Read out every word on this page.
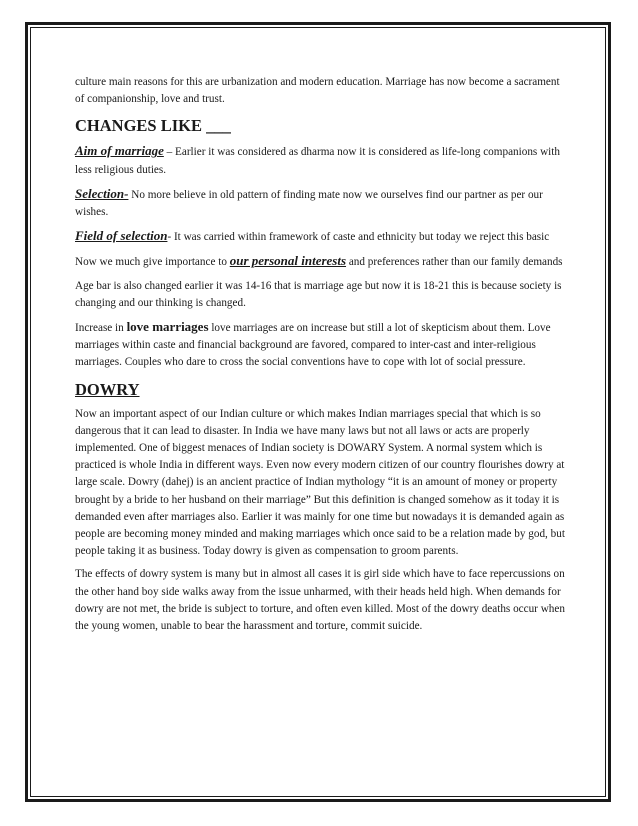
culture main reasons for this are urbanization and modern education. Marriage has now become a sacrament of companionship, love and trust.

CHANGES LIKE ___

Aim of marriage – Earlier it was considered as dharma now it is considered as life-long companions with less religious duties.

Selection- No more believe in old pattern of finding mate now we ourselves find our partner as per our wishes.

Field of selection- It was carried within framework of caste and ethnicity but today we reject this basic

Now we much give importance to our personal interests and preferences rather than our family demands

Age bar is also changed earlier it was 14-16 that is marriage age but now it is 18-21 this is because society is changing and our thinking is changed.

Increase in love marriages love marriages are on increase but still a lot of skepticism about them. Love marriages within caste and financial background are favored, compared to inter-cast and inter-religious marriages. Couples who dare to cross the social conventions have to cope with lot of social pressure.

DOWRY

Now an important aspect of our Indian culture or which makes Indian marriages special that which is so dangerous that it can lead to disaster. In India we have many laws but not all laws or acts are properly implemented. One of biggest menaces of Indian society is DOWARY System. A normal system which is practiced is whole India in different ways. Even now every modern citizen of our country flourishes dowry at large scale. Dowry (dahej) is an ancient practice of Indian mythology “it is an amount of money or property brought by a bride to her husband on their marriage” But this definition is changed somehow as it today it is demanded even after marriages also. Earlier it was mainly for one time but nowadays it is demanded again as people are becoming money minded and making marriages which once said to be a relation made by god, but people taking it as business. Today dowry is given as compensation to groom parents.

The effects of dowry system is many but in almost all cases it is girl side which have to face repercussions on the other hand boy side walks away from the issue unharmed, with their heads held high. When demands for dowry are not met, the bride is subject to torture, and often even killed. Most of the dowry deaths occur when the young women, unable to bear the harassment and torture, commit suicide.
